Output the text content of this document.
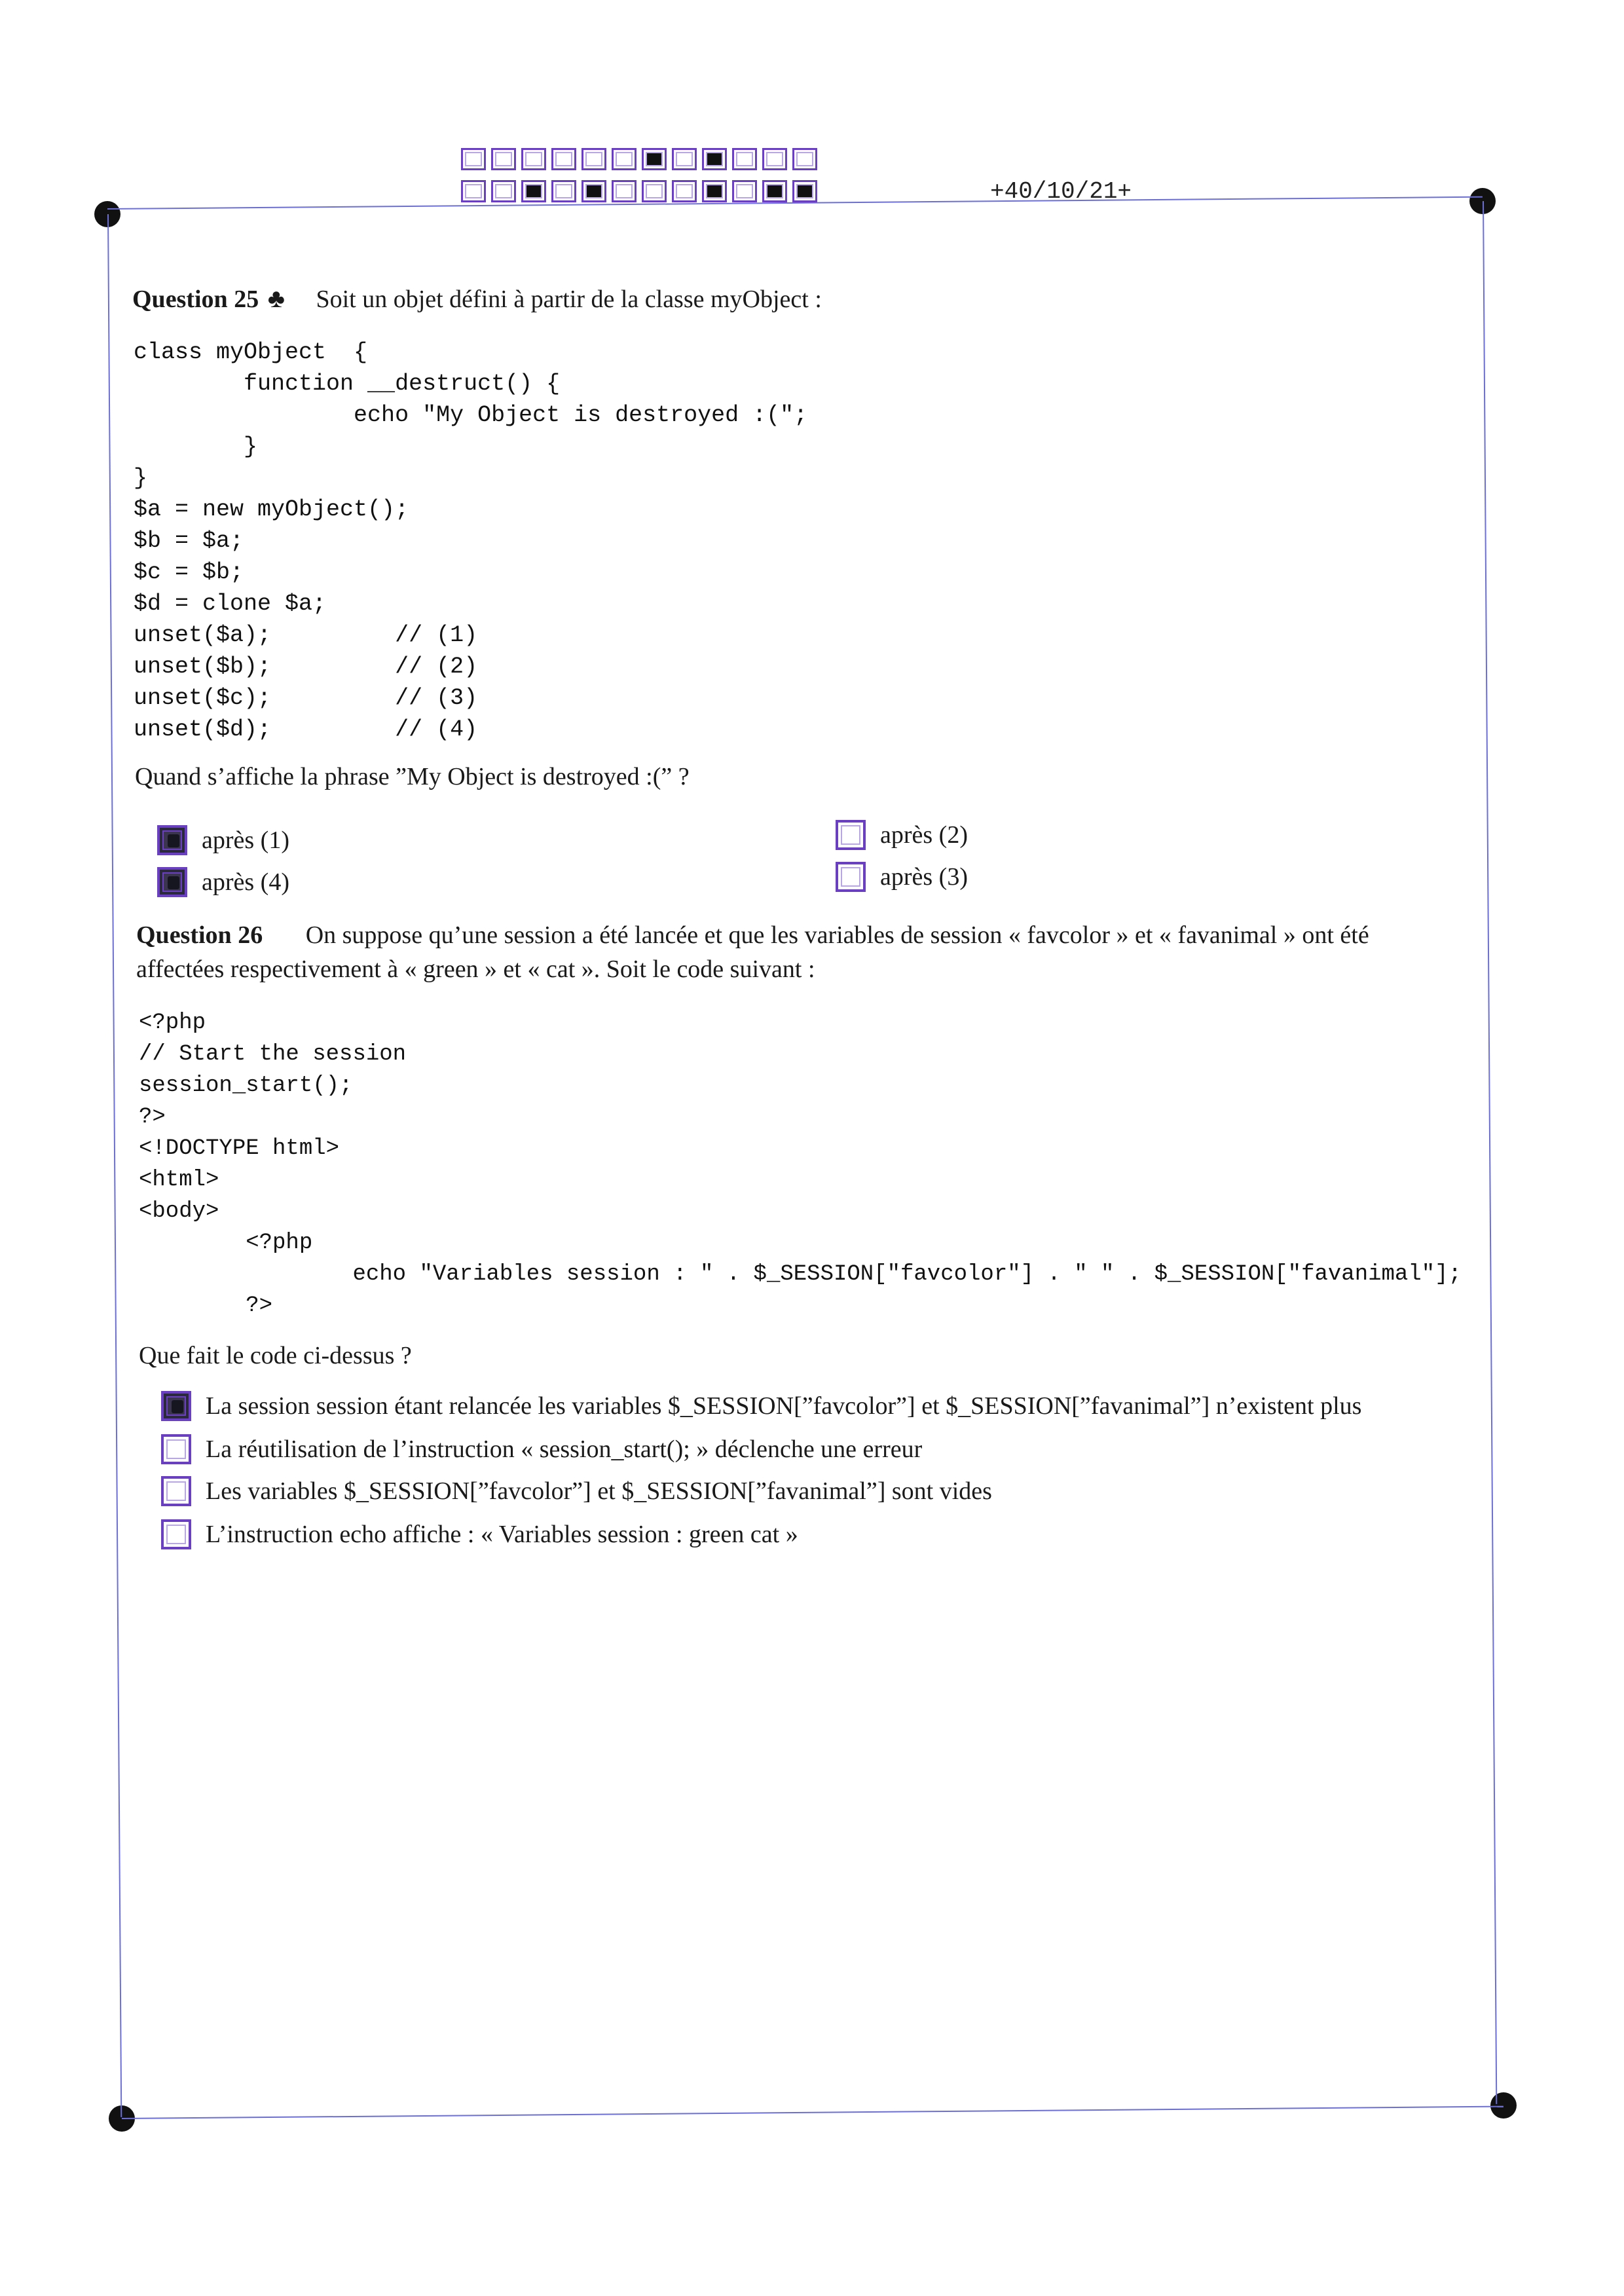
+40/10/21+
Question 25 ♣ Soit un objet défini à partir de la classe myObject :
class myObject  {
function __destruct() {
echo "My Object is destroyed :(";
}
}
$a = new myObject();
$b = $a;
$c = $b;
$d = clone $a;
unset($a);         // (1)
unset($b);         // (2)
unset($c);         // (3)
unset($d);         // (4)
Quand s’affiche la phrase ”My Object is destroyed :(” ?
après (1)	après (2)
après (4)	après (3)
Question 26 On suppose qu’une session a été lancée et que les variables de session « favcolor » et « favanimal » ont été
affectées respectivement à « green » et « cat ». Soit le code suivant :
<?php
// Start the session
session_start();
?>
<!DOCTYPE html>
<html>
<body>
<?php
echo "Variables session : " . $_SESSION["favcolor"] . " " . $_SESSION["favanimal"];
?>
Que fait le code ci-dessus ?
La session session étant relancée les variables $_SESSION[”favcolor”] et $_SESSION[”favanimal”] n’existent plus
La réutilisation de l’instruction « session_start(); » déclenche une erreur
Les variables $_SESSION[”favcolor”] et $_SESSION[”favanimal”] sont vides
L’instruction echo affiche : « Variables session : green cat »
